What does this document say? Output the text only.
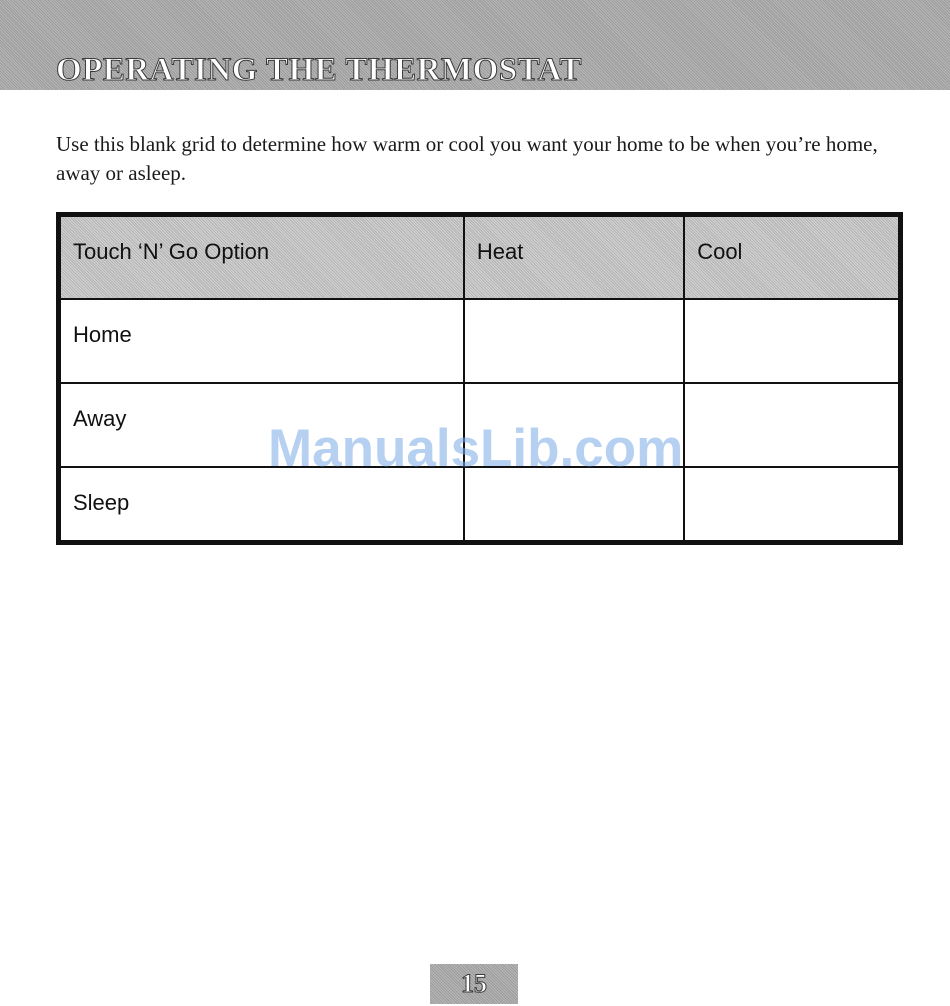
OPERATING THE THERMOSTAT

Use this blank grid to determine how warm or cool you want your home to be when you’re home, away or asleep.

Touch ‘N’ Go Option	Heat	Cool
Home		
Away		
Sleep		

ManualsLib.com

15
